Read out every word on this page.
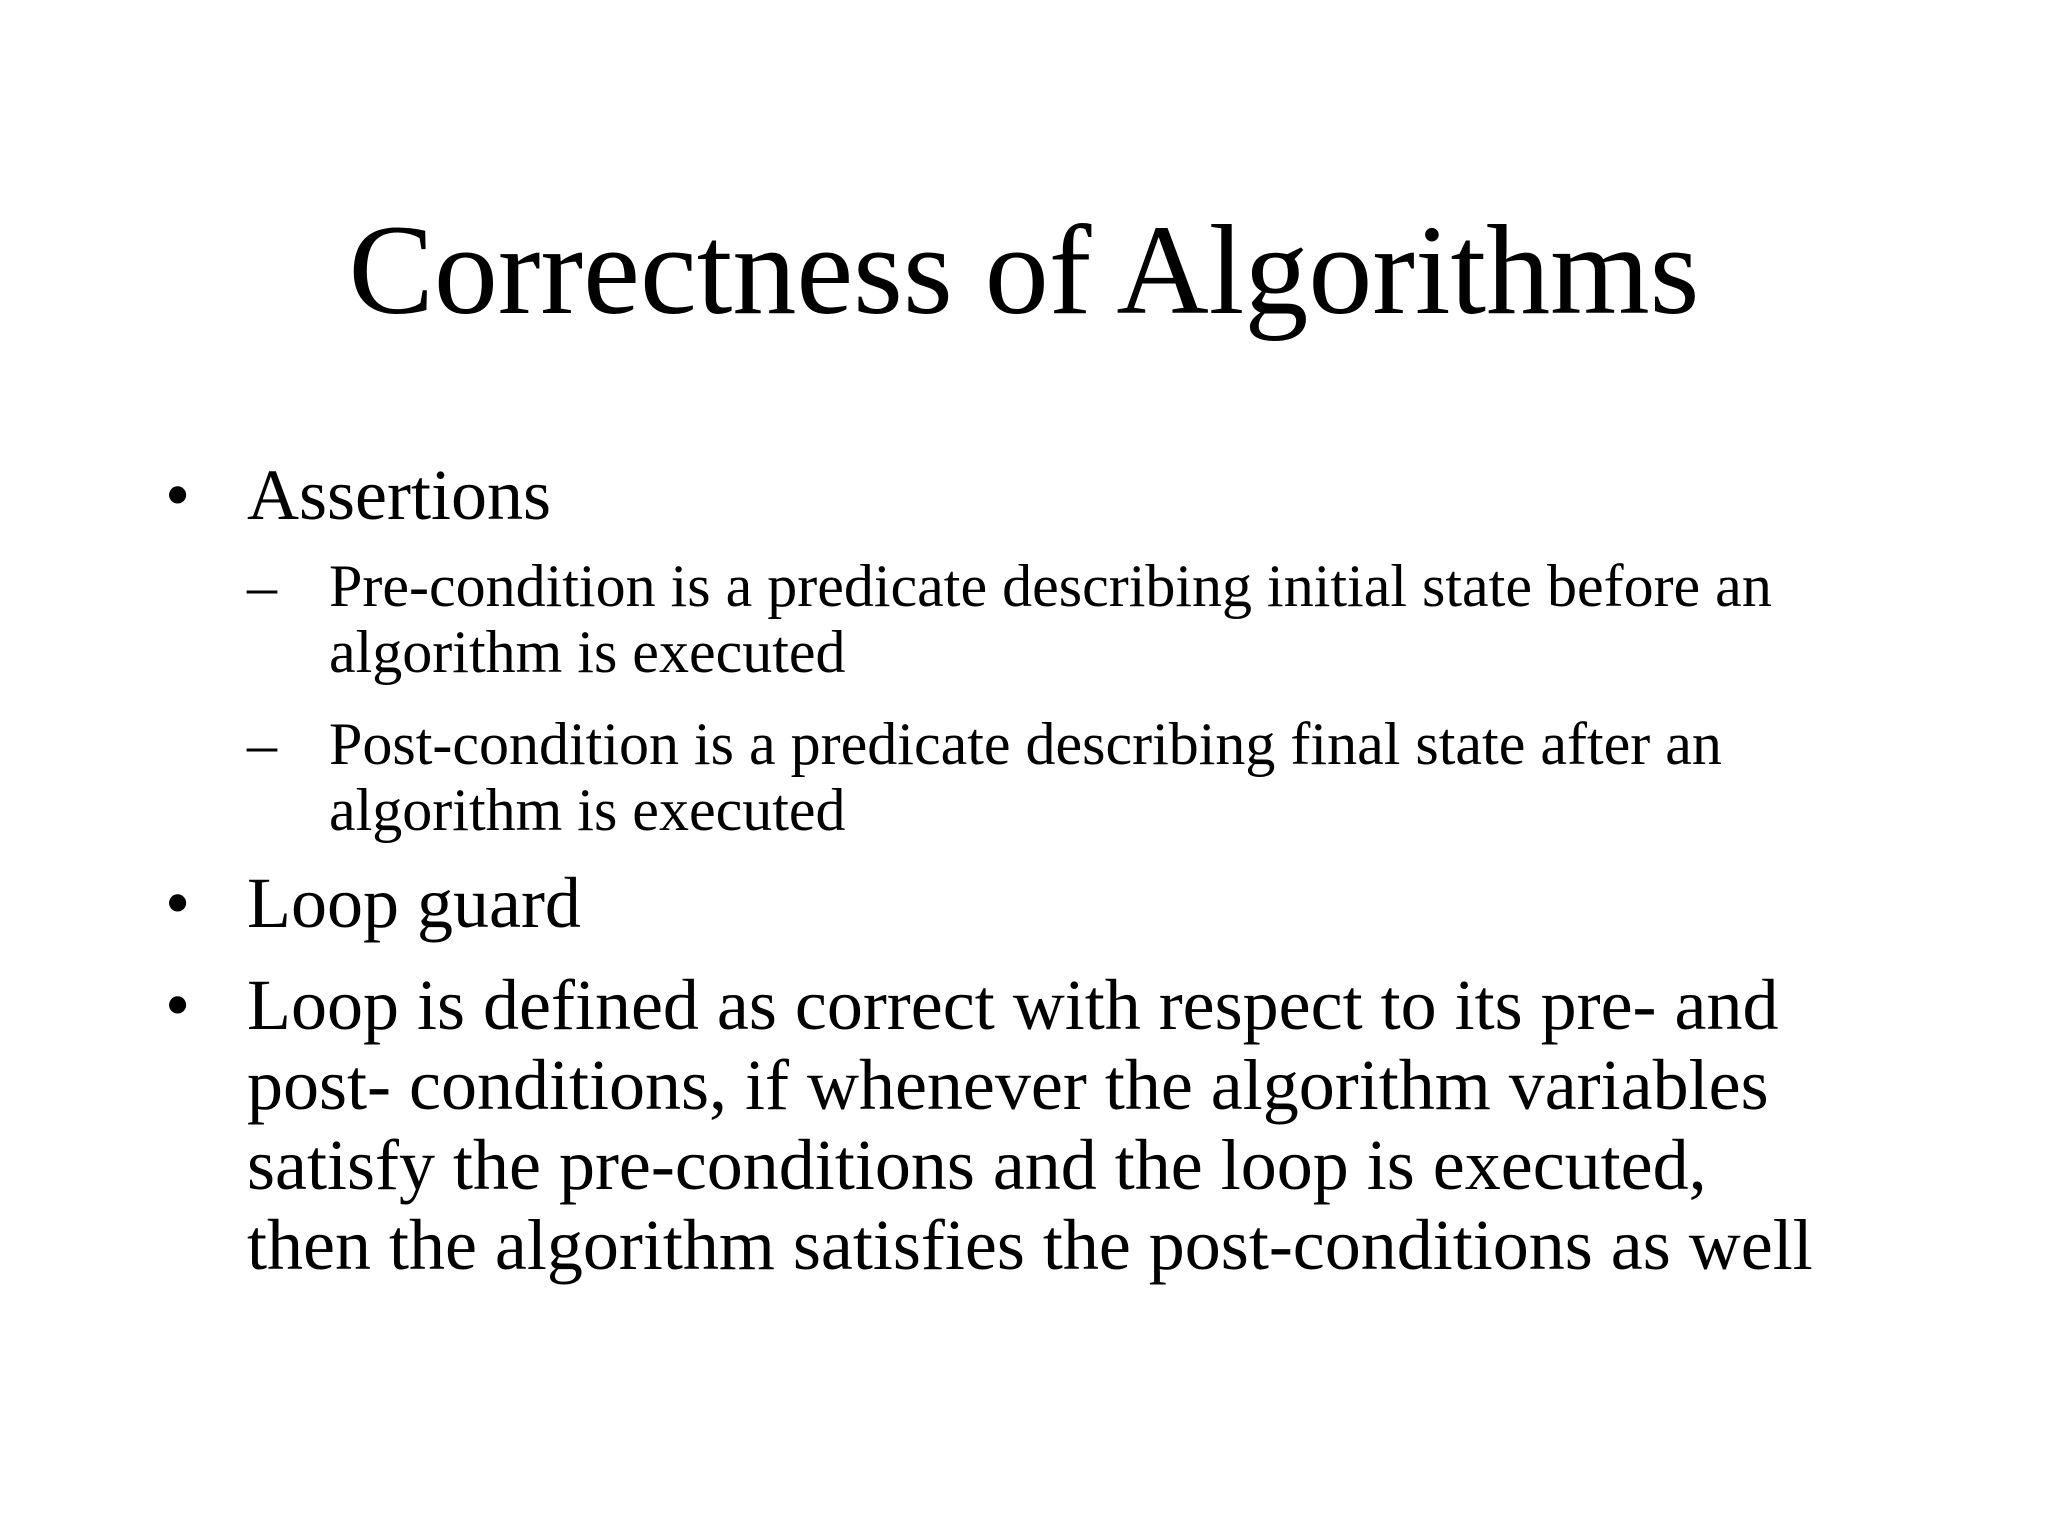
Correctness of Algorithms
• Assertions
– Pre-condition is a predicate describing initial state before an
algorithm is executed
– Post-condition is a predicate describing final state after an
algorithm is executed
• Loop guard
• Loop is defined as correct with respect to its pre- and
post- conditions, if whenever the algorithm variables
satisfy the pre-conditions and the loop is executed,
then the algorithm satisfies the post-conditions as well
